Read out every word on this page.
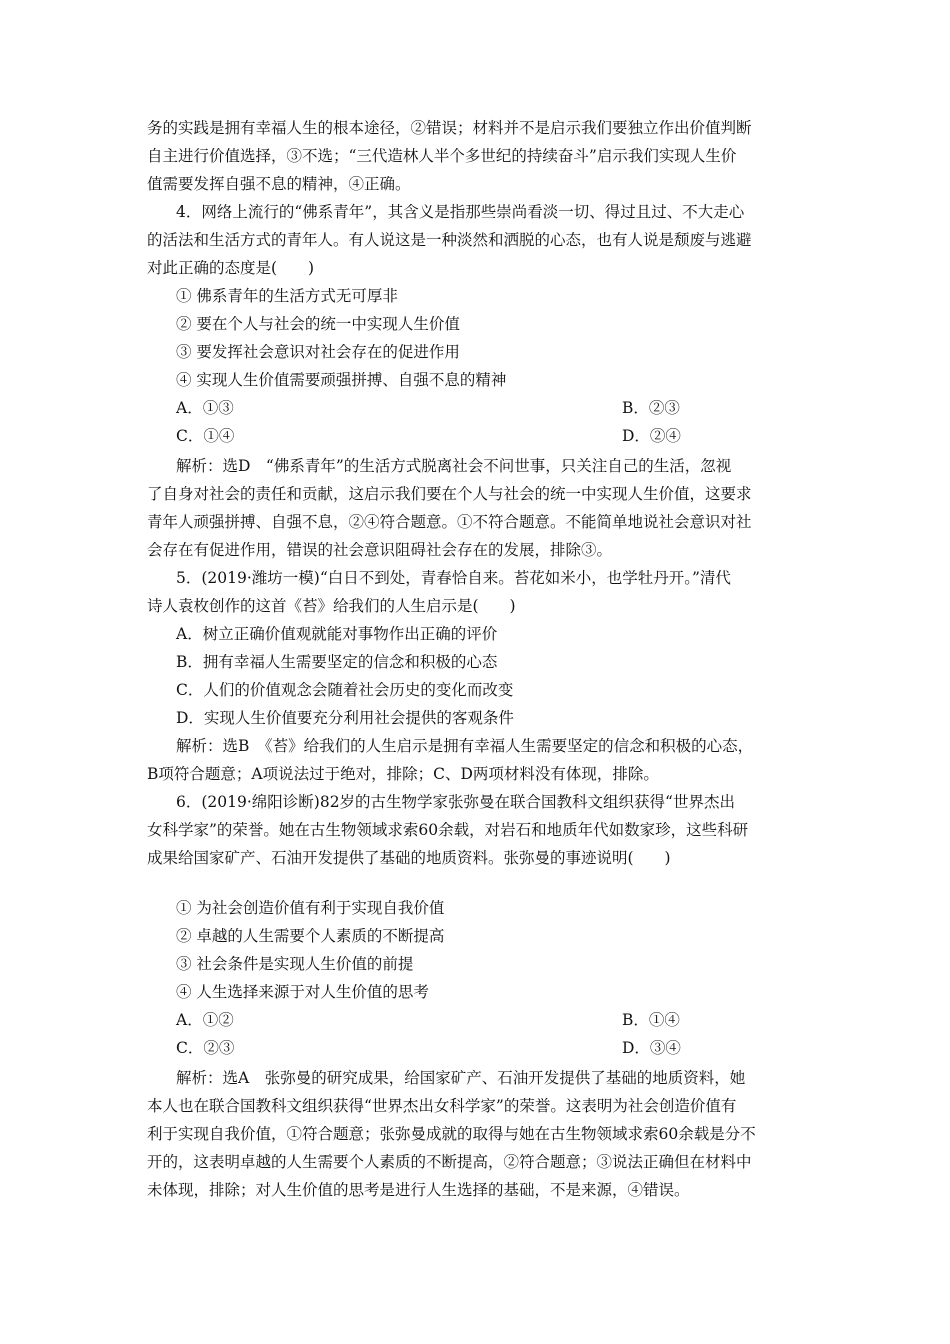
务的实践是拥有幸福人生的根本途径，②错误；材料并不是启示我们要独立作出价值判断
自主进行价值选择，③不选；“三代造林人半个多世纪的持续奋斗”启示我们实现人生价
值需要发挥自强不息的精神，④正确。
4．网络上流行的“佛系青年”，其含义是指那些崇尚看淡一切、得过且过、不大走心
的活法和生活方式的青年人。有人说这是一种淡然和洒脱的心态，也有人说是颓废与逃避
对此正确的态度是(　　)
① 佛系青年的生活方式无可厚非
② 要在个人与社会的统一中实现人生价值
③ 要发挥社会意识对社会存在的促进作用
④ 实现人生价值需要顽强拼搏、自强不息的精神
A．①③	B．②③
C．①④	D．②④
解析：选D　“佛系青年”的生活方式脱离社会不问世事，只关注自己的生活，忽视
了自身对社会的责任和贡献，这启示我们要在个人与社会的统一中实现人生价值，这要求
青年人顽强拼搏、自强不息，②④符合题意。①不符合题意。不能简单地说社会意识对社
会存在有促进作用，错误的社会意识阻碍社会存在的发展，排除③。
5．(2019·潍坊一模)“白日不到处，青春恰自来。苔花如米小，也学牡丹开。”清代
诗人袁枚创作的这首《苔》给我们的人生启示是(　　)
A．树立正确价值观就能对事物作出正确的评价
B．拥有幸福人生需要坚定的信念和积极的心态
C．人们的价值观念会随着社会历史的变化而改变
D．实现人生价值要充分利用社会提供的客观条件
解析：选B　《苔》给我们的人生启示是拥有幸福人生需要坚定的信念和积极的心态，
B项符合题意；A项说法过于绝对，排除；C、D两项材料没有体现，排除。
6．(2019·绵阳诊断)82岁的古生物学家张弥曼在联合国教科文组织获得“世界杰出
女科学家”的荣誉。她在古生物领域求索60余载，对岩石和地质年代如数家珍，这些科研
成果给国家矿产、石油开发提供了基础的地质资料。张弥曼的事迹说明(　　)
① 为社会创造价值有利于实现自我价值
② 卓越的人生需要个人素质的不断提高
③ 社会条件是实现人生价值的前提
④ 人生选择来源于对人生价值的思考
A．①②	B．①④
C．②③	D．③④
解析：选A　张弥曼的研究成果，给国家矿产、石油开发提供了基础的地质资料，她
本人也在联合国教科文组织获得“世界杰出女科学家”的荣誉。这表明为社会创造价值有
利于实现自我价值，①符合题意；张弥曼成就的取得与她在古生物领域求索60余载是分不
开的，这表明卓越的人生需要个人素质的不断提高，②符合题意；③说法正确但在材料中
未体现，排除；对人生价值的思考是进行人生选择的基础，不是来源，④错误。
